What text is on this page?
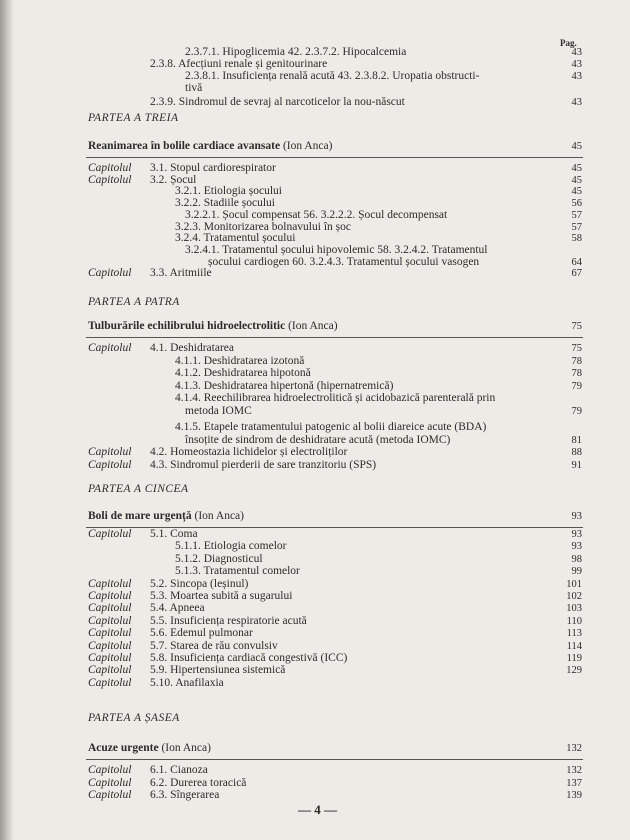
Pag.
2.3.7.1. Hipoglicemia 42. 2.3.7.2. Hipocalcemia	43
2.3.8. Afecțiuni renale și genitourinare	43
2.3.8.1. Insuficiența renală acută 43. 2.3.8.2. Uropatia obstructi-	43
tivă
2.3.9. Sindromul de sevraj al narcoticelor la nou-născut	43
PARTEA A TREIA
Reanimarea în bolile cardiace avansate (Ion Anca)	45
Capitolul 3.1. Stopul cardiorespirator	45
Capitolul 3.2. Șocul	45
3.2.1. Etiologia șocului	45
3.2.2. Stadiile șocului	56
3.2.2.1. Șocul compensat 56. 3.2.2.2. Șocul decompensat	57
3.2.3. Monitorizarea bolnavului în șoc	57
3.2.4. Tratamentul șocului	58
3.2.4.1. Tratamentul șocului hipovolemic 58. 3.2.4.2. Tratamentul
șocului cardiogen 60. 3.2.4.3. Tratamentul șocului vasogen	64
Capitolul 3.3. Aritmiile	67
PARTEA A PATRA
Tulburările echilibrului hidroelectrolitic (Ion Anca)	75
Capitolul 4.1. Deshidratarea	75
4.1.1. Deshidratarea izotonă	78
4.1.2. Deshidratarea hipotonă	78
4.1.3. Deshidratarea hipertonă (hipernatremică)	79
4.1.4. Reechilibrarea hidroelectrolitică și acidobazică parenterală prin
metoda IOMC	79
4.1.5. Etapele tratamentului patogenic al bolii diareice acute (BDA)
însoțite de sindrom de deshidratare acută (metoda IOMC)	81
Capitolul 4.2. Homeostazia lichidelor și electroliților	88
Capitolul 4.3. Sindromul pierderii de sare tranzitoriu (SPS)	91
PARTEA A CINCEA
Boli de mare urgență (Ion Anca)	93
Capitolul 5.1. Coma	93
5.1.1. Etiologia comelor	93
5.1.2. Diagnosticul	98
5.1.3. Tratamentul comelor	99
Capitolul 5.2. Sincopa (leșinul)	101
Capitolul 5.3. Moartea subită a sugarului	102
Capitolul 5.4. Apneea	103
Capitolul 5.5. Insuficiența respiratorie acută	110
Capitolul 5.6. Edemul pulmonar	113
Capitolul 5.7. Starea de rău convulsiv	114
Capitolul 5.8. Insuficiența cardiacă congestivă (ICC)	119
Capitolul 5.9. Hipertensiunea sistemică	129
Capitolul 5.10. Anafilaxia
PARTEA A ȘASEA
Acuze urgente (Ion Anca)	132
Capitolul 6.1. Cianoza	132
Capitolul 6.2. Durerea toracică	137
Capitolul 6.3. Sîngerarea	139
— 4 —
